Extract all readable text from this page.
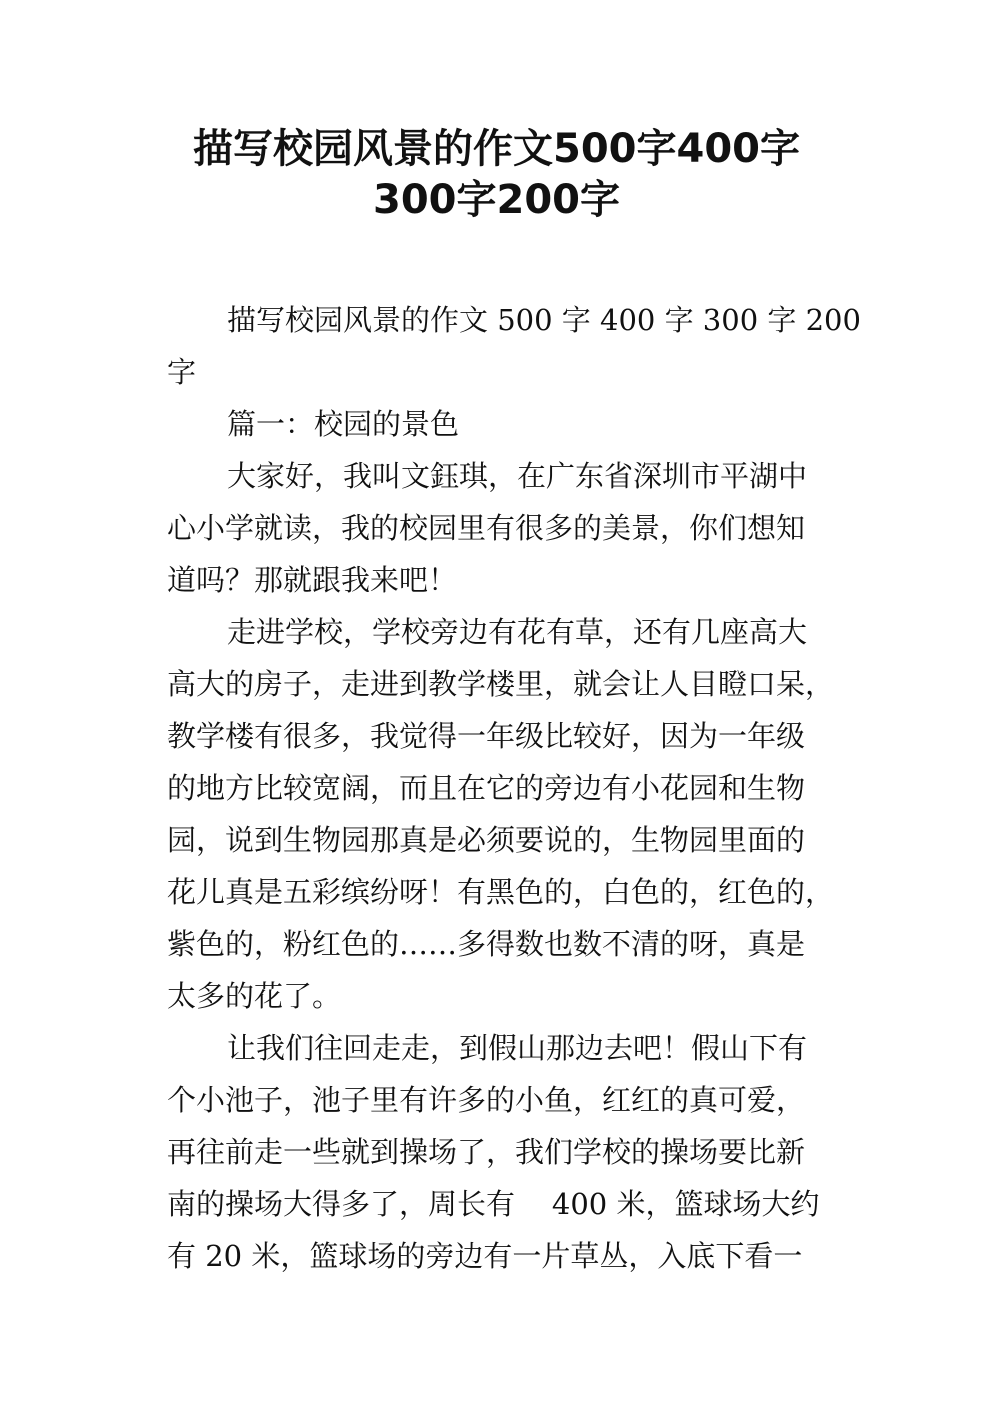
描写校园风景的作文500字400字
300字200字
描写校园风景的作文 500 字 400 字 300 字 200
字
篇一：校园的景色
大家好，我叫文鈺琪，在广东省深圳市平湖中
心小学就读，我的校园里有很多的美景，你们想知
道吗？那就跟我来吧！
走进学校，学校旁边有花有草，还有几座高大
高大的房子，走进到教学楼里，就会让人目瞪口呆，
教学楼有很多，我觉得一年级比较好，因为一年级
的地方比较宽阔，而且在它的旁边有小花园和生物
园，说到生物园那真是必须要说的，生物园里面的
花儿真是五彩缤纷呀！有黑色的，白色的，红色的，
紫色的，粉红色的……多得数也数不清的呀，真是
太多的花了。
让我们往回走走，到假山那边去吧！假山下有
个小池子，池子里有许多的小鱼，红红的真可爱，
再往前走一些就到操场了，我们学校的操场要比新
南的操场大得多了，周长有    400 米，篮球场大约
有 20 米，篮球场的旁边有一片草丛，入底下看一
